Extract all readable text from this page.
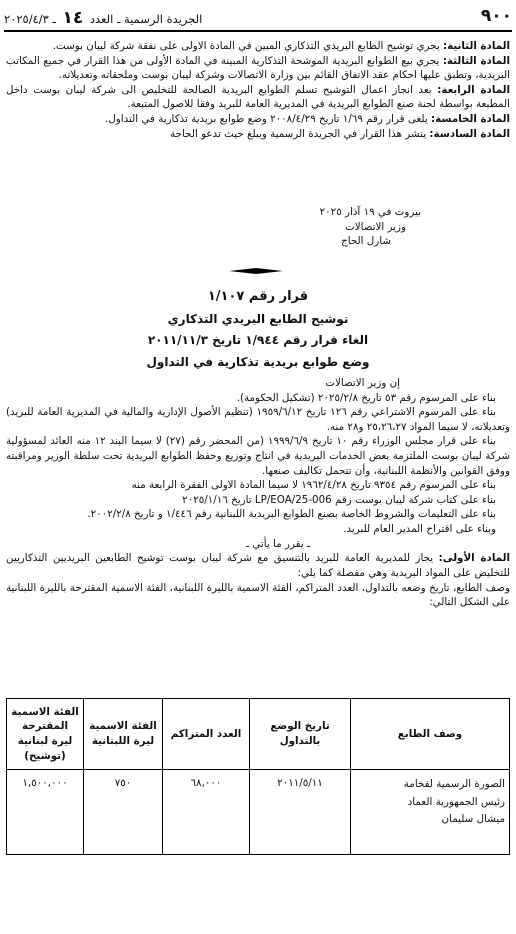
٩٠٠
الجريدة الرسمية ـ العدد ١٤ ـ ٢٠٢٥/٤/٣

المادة الثانية: يجري توشيح الطابع البريدي التذكاري المبين في المادة الاولى على نفقة شركة ليبان بوست.

المادة الثالثة: يجري بيع الطوابع البريدية الموشحة التذكارية المبينة في المادة الأولى من هذا القرار في جميع المكاتب البريدية، وتطبق عليها احكام عقد الاتفاق القائم بين وزارة الاتصالات وشركة ليبان بوست وملحقاته وتعديلاته.

المادة الرابعة: بعد انجاز اعمال التوشيح تسلم الطوابع البريدية الصالحة للتخليص الى شركة ليبان بوست داخل المطبعة بواسطة لجنة صنع الطوابع البريدية في المديرية العامة للبريد وفقا للاصول المتبعة.

المادة الخامسة: يلغى قرار رقم ١/٦٩ تاريخ ٢٠٠٨/٤/٢٩ وضع طوابع بريدية تذكارية في التداول.

المادة السادسة: ينشر هذا القرار في الجريدة الرسمية ويبلغ حيث تدعو الحاجة

بيروت في ١٩ آذار ٢٠٢٥

وزير الاتصالات

شارل الحاج

قرار رقم ١/١٠٧
توشيح الطابع البريدي التذكاري
الغاء قرار رقم ١/٩٤٤ تاريخ ٢٠١١/١١/٣
وضع طوابع بريدية تذكارية في التداول

إن وزير الاتصالات

بناء على المرسوم رقم ٥٣ تاريخ ٢٠٢٥/٢/٨ (تشكيل الحكومة).

بناء على المرسوم الاشتراعي رقم ١٢٦ تاريخ ١٩٥٩/٦/١٢ (تنظيم الأصول الإدارية والمالية في المديرية العامة للبريد) وتعديلاته، لا سيما المواد ٢٥،٢٦،٢٧ و٢٨ منه.

بناء على قرار مجلس الوزراء رقم ١٠ تاريخ ١٩٩٩/٦/٩ (من المحضر رقم (٢٧) لا سيما البند ١٢ منه العائد لمسؤولية شركة ليبان بوست الملتزمة بعض الخدمات البريدية في انتاج وتوزيع وحفظ الطوابع البريدية تحت سلطة الوزير ومراقبته ووفق القوانين والأنظمة اللبنانية، وأن تتحمل تكاليف صنعها.

بناء على المرسوم رقم ٩٣٥٤ تاريخ ١٩٦٢/٤/٢٨ لا سيما المادة الاولى الفقرة الرابعة منه

بناء على كتاب شركة ليبان بوست رقم LP/EOA/25-006 تاريخ ٢٠٢٥/١/١٦

بناء على التعليمات والشروط الخاصة بصنع الطوابع البريدية اللبنانية رقم ١/٤٤٦ و تاريخ ٢٠٠٢/٢/٨.

وبناء على اقتراح المدير العام للبريد.

ـ يقرر ما يأتي ـ

المادة الأولى: يجاز للمديرية العامة للبريد بالتنسيق مع شركة ليبان بوست توشيح الطابعين البريديين التذكاريين للتخليص على المواد البريدية وهي مفصلة كما يلي:

وصف الطابع، تاريخ وضعه بالتداول، العدد المتراكم، الفئة الاسمية بالليرة اللبنانية، الفئة الاسمية المقترحة بالليرة اللبنانية على الشكل التالي:

وصف الطابع	تاريخ الوضع بالتداول	العدد المتراكم	الفئة الاسمية ليرة اللبنانية	الفئة الاسمية المقترحة ليرة لبنانية (توشيح)

الصورة الرسمية لفخامة
رئيس الجمهورية العماد
ميشال سليمان	٢٠١١/٥/١١	٦٨,٠٠٠	٧٥٠	١,٥٠٠,٠٠٠
